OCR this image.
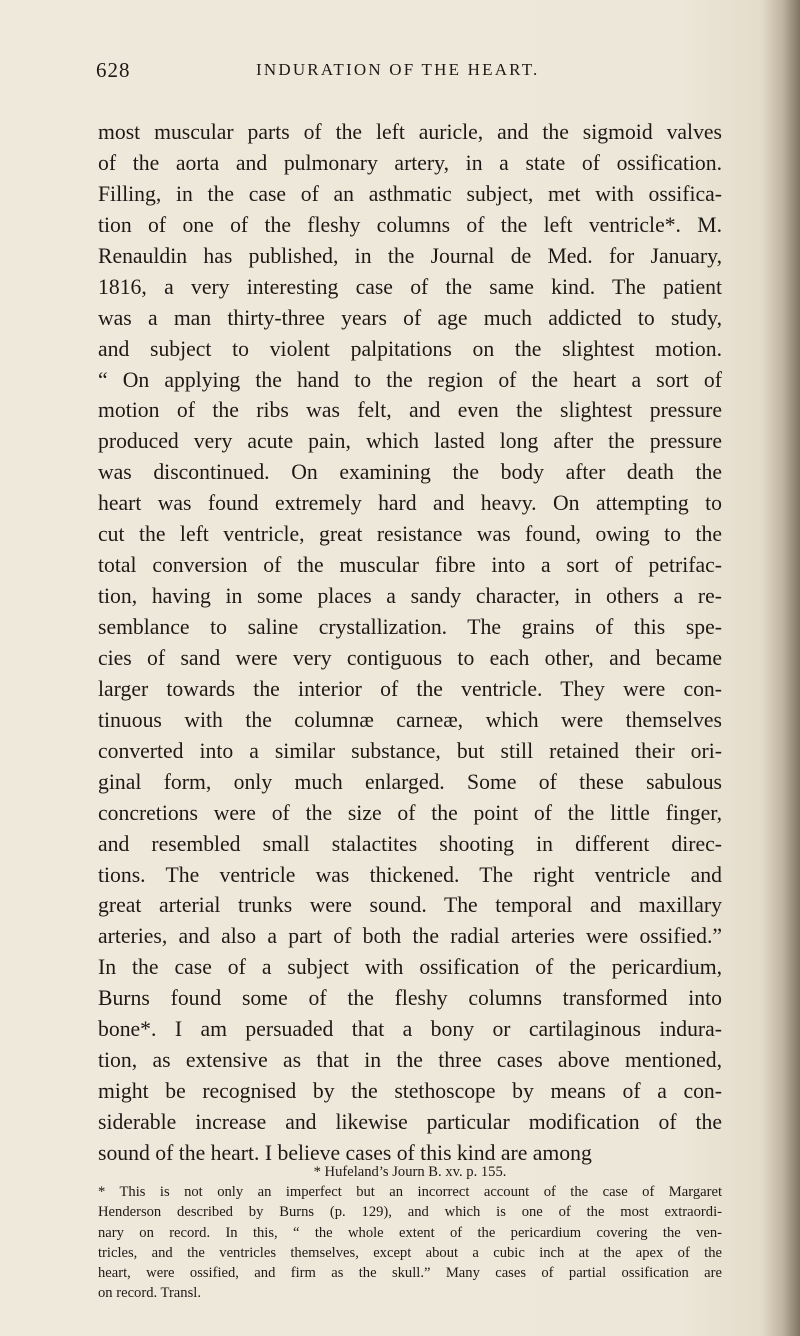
628	INDURATION OF THE HEART.
most muscular parts of the left auricle, and the sigmoid valves
of the aorta and pulmonary artery, in a state of ossification.
Filling, in the case of an asthmatic subject, met with ossifica-
tion of one of the fleshy columns of the left ventricle*. M.
Renauldin has published, in the Journal de Med. for January,
1816, a very interesting case of the same kind. The patient
was a man thirty-three years of age much addicted to study,
and subject to violent palpitations on the slightest motion.
“ On applying the hand to the region of the heart a sort of
motion of the ribs was felt, and even the slightest pressure
produced very acute pain, which lasted long after the pressure
was discontinued. On examining the body after death the
heart was found extremely hard and heavy. On attempting to
cut the left ventricle, great resistance was found, owing to the
total conversion of the muscular fibre into a sort of petrifac-
tion, having in some places a sandy character, in others a re-
semblance to saline crystallization. The grains of this spe-
cies of sand were very contiguous to each other, and became
larger towards the interior of the ventricle. They were con-
tinuous with the columnæ carneæ, which were themselves
converted into a similar substance, but still retained their ori-
ginal form, only much enlarged. Some of these sabulous
concretions were of the size of the point of the little finger,
and resembled small stalactites shooting in different direc-
tions. The ventricle was thickened. The right ventricle and
great arterial trunks were sound. The temporal and maxillary
arteries, and also a part of both the radial arteries were ossified.”
In the case of a subject with ossification of the pericardium,
Burns found some of the fleshy columns transformed into
bone*. I am persuaded that a bony or cartilaginous indura-
tion, as extensive as that in the three cases above mentioned,
might be recognised by the stethoscope by means of a con-
siderable increase and likewise particular modification of the
sound of the heart. I believe cases of this kind are among
* Hufeland’s Journ B. xv. p. 155.
* This is not only an imperfect but an incorrect account of the case of Margaret
Henderson described by Burns (p. 129), and which is one of the most extraordi-
nary on record. In this, “ the whole extent of the pericardium covering the ven-
tricles, and the ventricles themselves, except about a cubic inch at the apex of the
heart, were ossified, and firm as the skull.” Many cases of partial ossification are
on record. Transl.
